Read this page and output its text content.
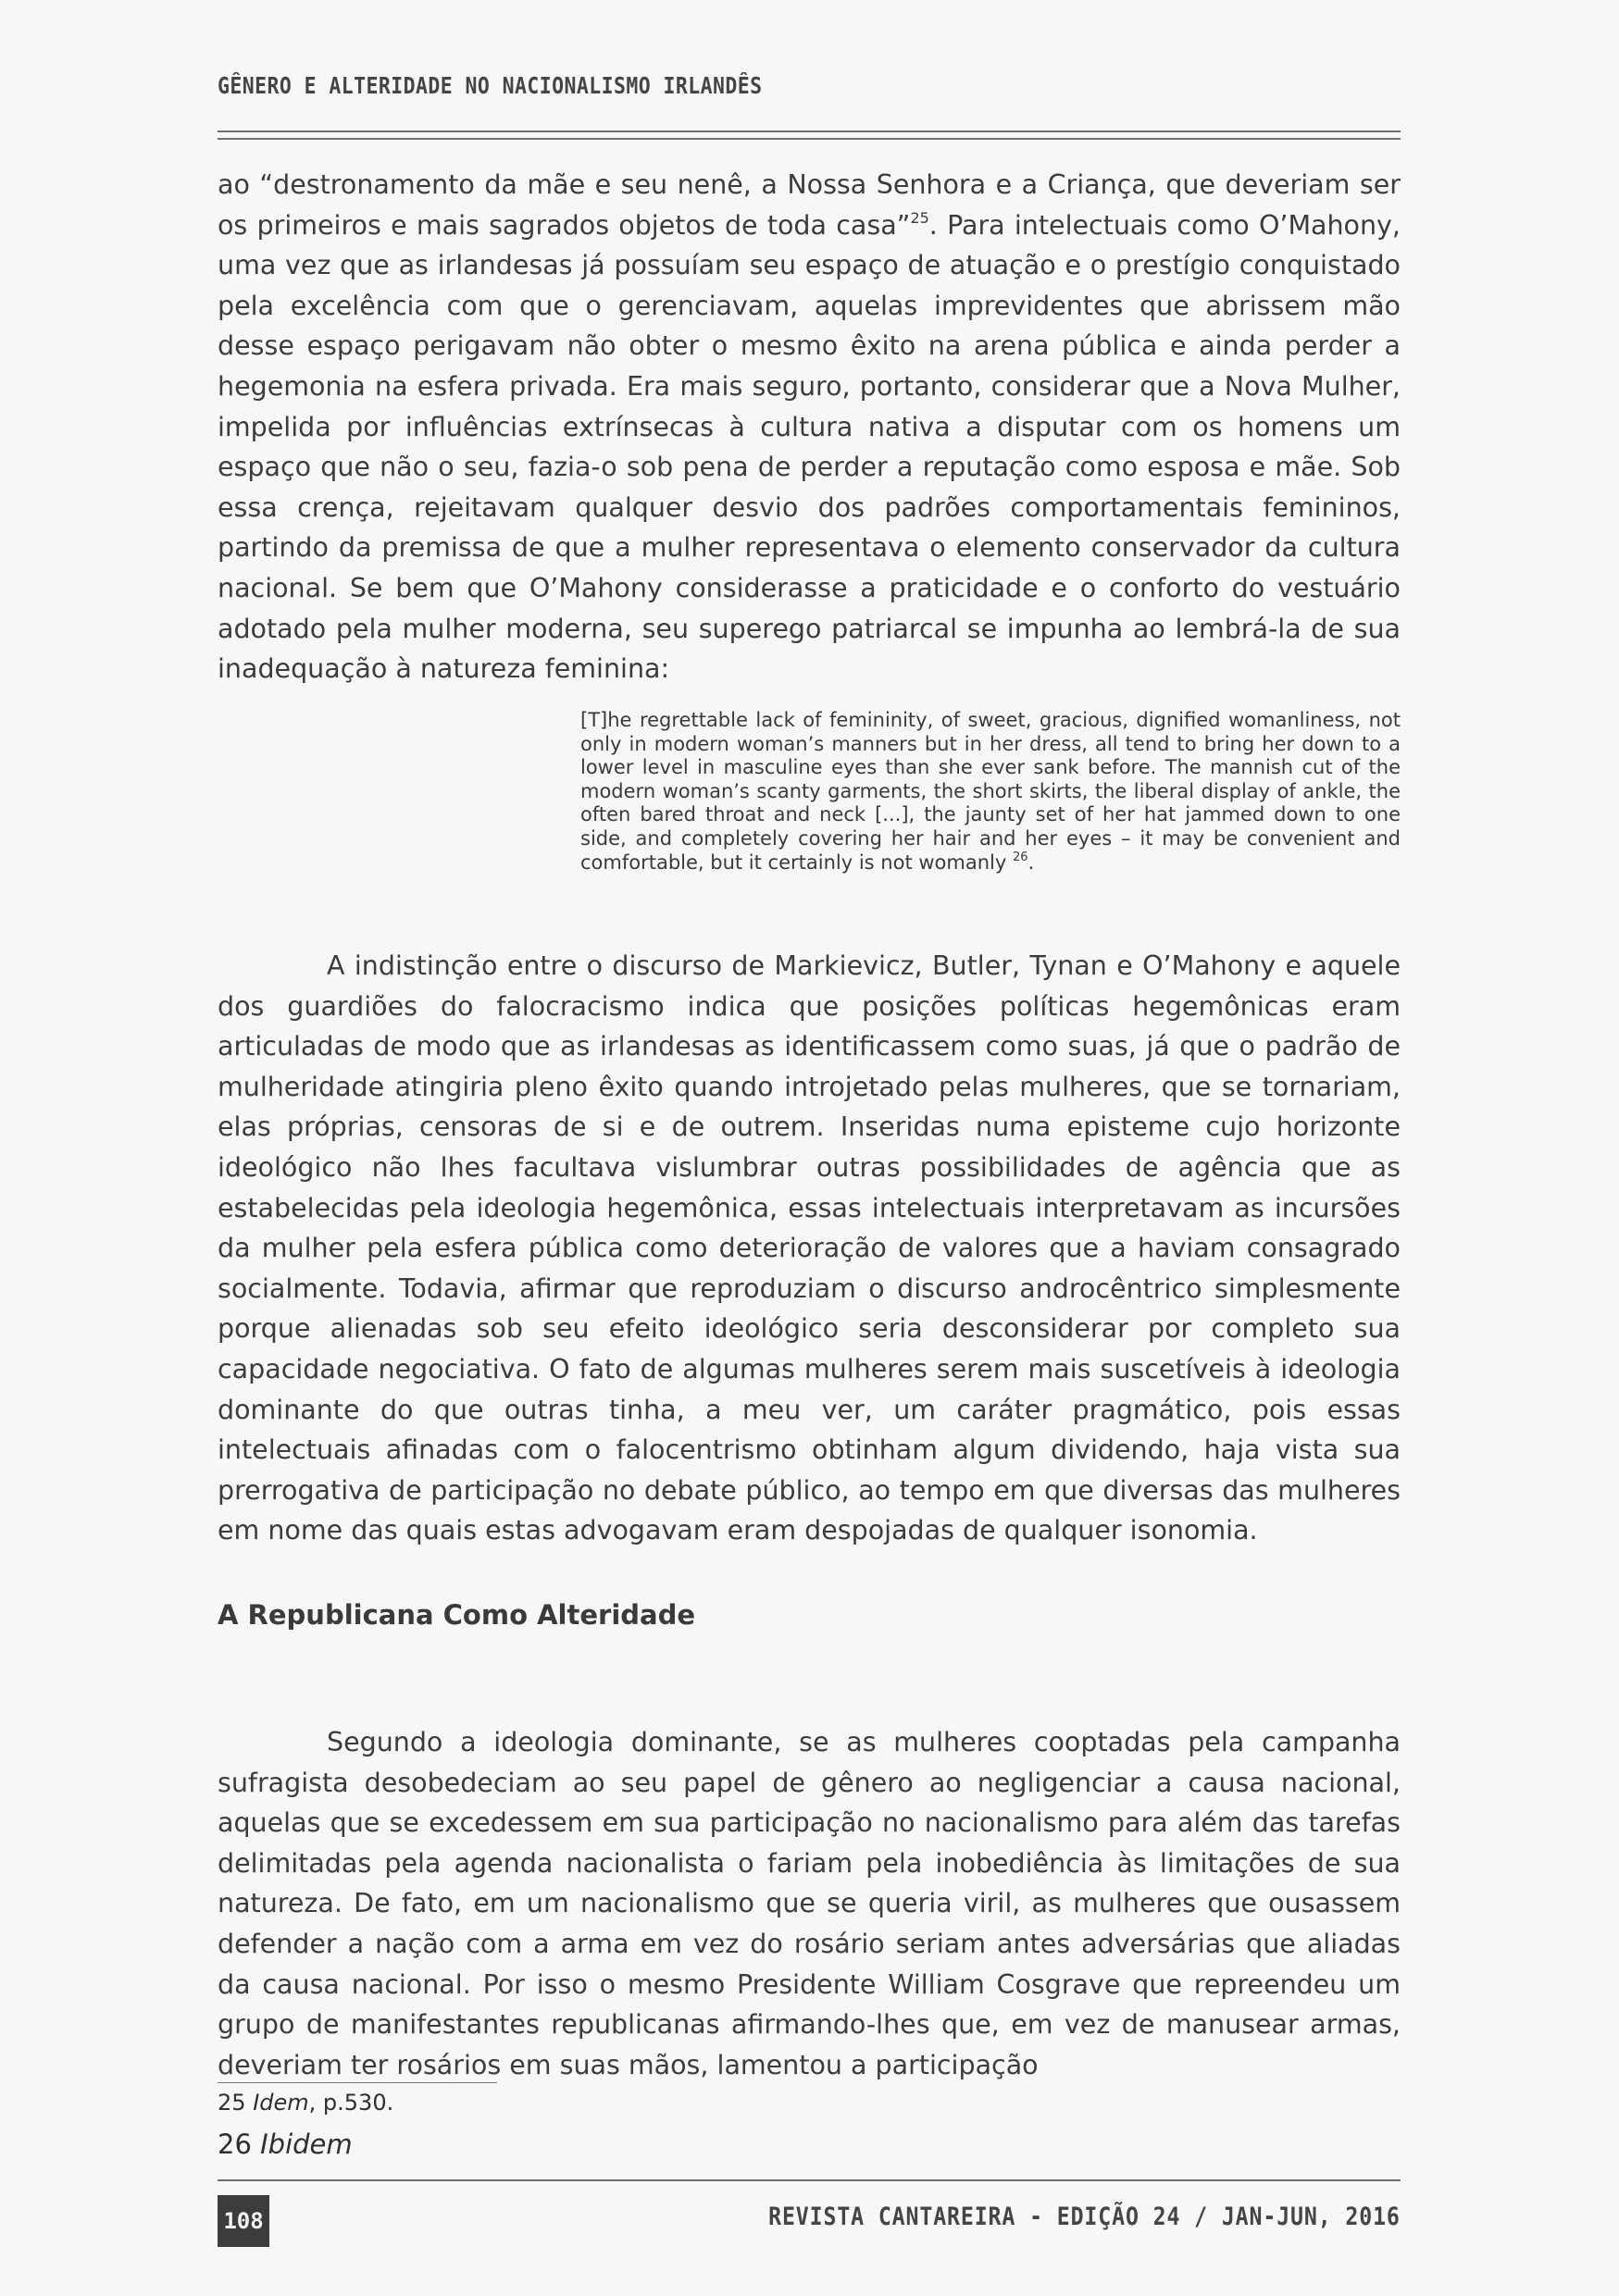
GÊNERO E ALTERIDADE NO NACIONALISMO IRLANDÊS

ao “destronamento da mãe e seu nenê, a Nossa Senhora e a Criança, que deveriam ser os primeiros e mais sagrados objetos de toda casa”$^{25}$. Para intelectuais como O’Mahony, uma vez que as irlandesas já possuíam seu espaço de atuação e o prestígio conquistado pela excelência com que o gerenciavam, aquelas imprevidentes que abrissem mão desse espaço perigavam não obter o mesmo êxito na arena pública e ainda perder a hegemonia na esfera privada. Era mais seguro, portanto, considerar que a Nova Mulher, impelida por influências extrínsecas à cultura nativa a disputar com os homens um espaço que não o seu, fazia-o sob pena de perder a reputação como esposa e mãe. Sob essa crença, rejeitavam qualquer desvio dos padrões comportamentais femininos, partindo da premissa de que a mulher representava o elemento conservador da cultura nacional. Se bem que O’Mahony considerasse a praticidade e o conforto do vestuário adotado pela mulher moderna, seu superego patriarcal se impunha ao lembrá-la de sua inadequação à natureza feminina:

[T]he regrettable lack of femininity, of sweet, gracious, dignified womanliness, not only in modern woman’s manners but in her dress, all tend to bring her down to a lower level in masculine eyes than she ever sank before. The mannish cut of the modern woman’s scanty garments, the short skirts, the liberal display of ankle, the often bared throat and neck [...], the jaunty set of her hat jammed down to one side, and completely covering her hair and her eyes – it may be convenient and comfortable, but it certainly is not womanly $^{26}$.

A indistinção entre o discurso de Markievicz, Butler, Tynan e O’Mahony e aquele dos guardiões do falocracismo indica que posições políticas hegemônicas eram articuladas de modo que as irlandesas as identificassem como suas, já que o padrão de mulheridade atingiria pleno êxito quando introjetado pelas mulheres, que se tornariam, elas próprias, censoras de si e de outrem. Inseridas numa episteme cujo horizonte ideológico não lhes facultava vislumbrar outras possibilidades de agência que as estabelecidas pela ideologia hegemônica, essas intelectuais interpretavam as incursões da mulher pela esfera pública como deterioração de valores que a haviam consagrado socialmente. Todavia, afirmar que reproduziam o discurso androcêntrico simplesmente porque alienadas sob seu efeito ideológico seria desconsiderar por completo sua capacidade negociativa. O fato de algumas mulheres serem mais suscetíveis à ideologia dominante do que outras tinha, a meu ver, um caráter pragmático, pois essas intelectuais afinadas com o falocentrismo obtinham algum dividendo, haja vista sua prerrogativa de participação no debate público, ao tempo em que diversas das mulheres em nome das quais estas advogavam eram despojadas de qualquer isonomia.

A Republicana Como Alteridade

Segundo a ideologia dominante, se as mulheres cooptadas pela campanha sufragista desobedeciam ao seu papel de gênero ao negligenciar a causa nacional, aquelas que se excedessem em sua participação no nacionalismo para além das tarefas delimitadas pela agenda nacionalista o fariam pela inobediência às limitações de sua natureza. De fato, em um nacionalismo que se queria viril, as mulheres que ousassem defender a nação com a arma em vez do rosário seriam antes adversárias que aliadas da causa nacional. Por isso o mesmo Presidente William Cosgrave que repreendeu um grupo de manifestantes republicanas afirmando-lhes que, em vez de manusear armas, deveriam ter rosários em suas mãos, lamentou a participação

25 Idem, p.530.
26 Ibidem
108	REVISTA CANTAREIRA - EDIÇÃO 24 / JAN-JUN, 2016
